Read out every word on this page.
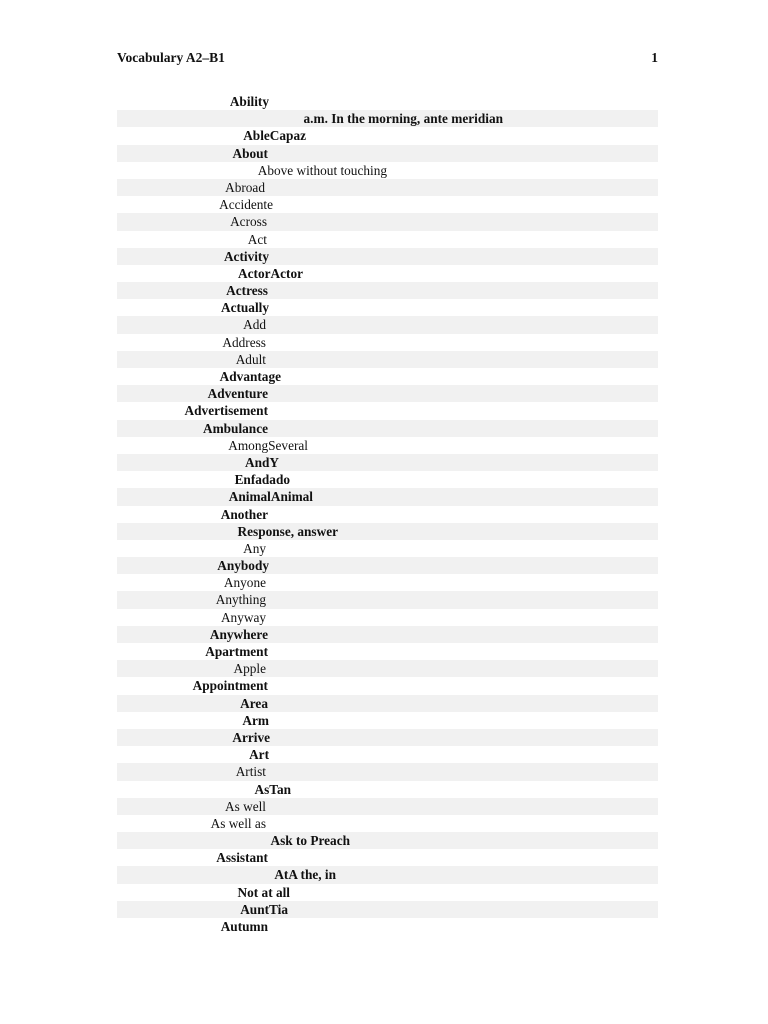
Vocabulary A2–B1	1
Ability
a.m. In the morning, ante meridian
AbleCapaz
About
Above without touching
Abroad
Accidente
Across
Act
Activity
ActorActor
Actress
Actually
Add
Address
Adult
Advantage
Adventure
Advertisement
Ambulance
AmongSeveral
AndY
Enfadado
AnimalAnimal
Another
Response, answer
Any
Anybody
Anyone
Anything
Anyway
Anywhere
Apartment
Apple
Appointment
Area
Arm
Arrive
Art
Artist
AsTan
As well
As well as
Ask to Preach
Assistant
AtA the, in
Not at all
AuntTia
Autumn
